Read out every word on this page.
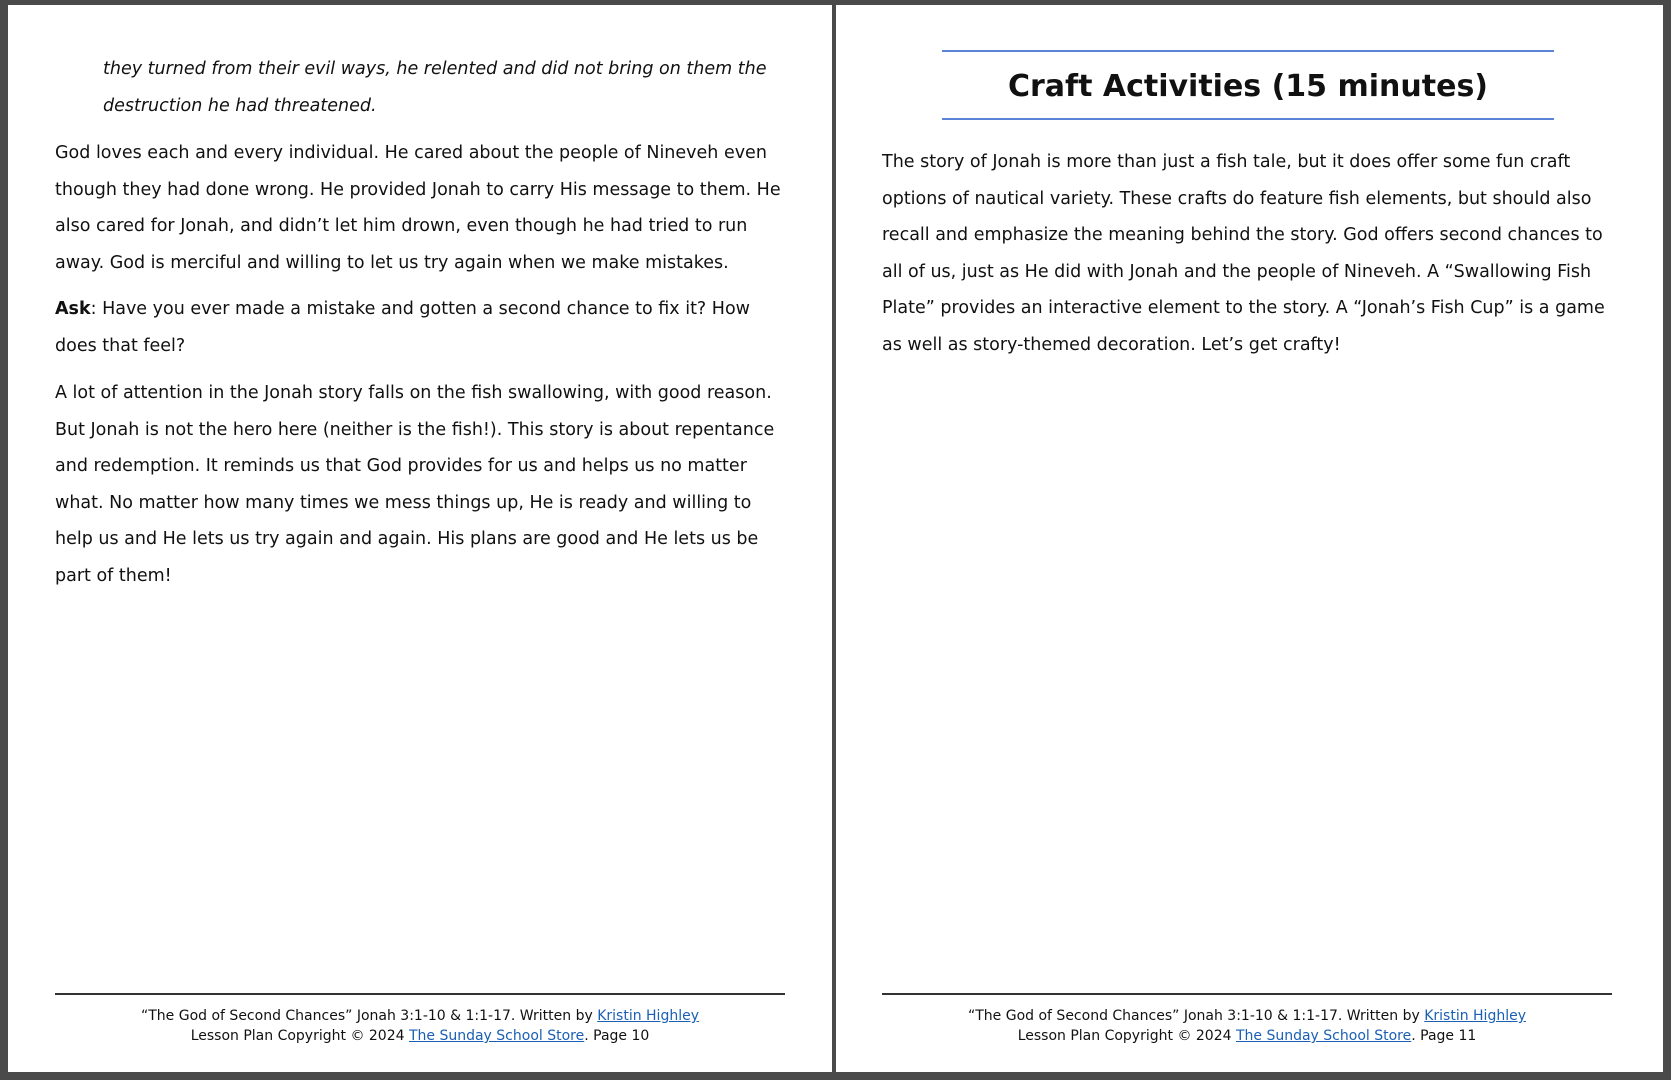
they turned from their evil ways, he relented and did not bring on them the

destruction he had threatened.

God loves each and every individual. He cared about the people of Nineveh even though they had done wrong. He provided Jonah to carry His message to them. He also cared for Jonah, and didn’t let him drown, even though he had tried to run away. God is merciful and willing to let us try again when we make mistakes.

Ask: Have you ever made a mistake and gotten a second chance to fix it? How does that feel?

A lot of attention in the Jonah story falls on the fish swallowing, with good reason. But Jonah is not the hero here (neither is the fish!). This story is about repentance and redemption. It reminds us that God provides for us and helps us no matter what. No matter how many times we mess things up, He is ready and willing to help us and He lets us try again and again. His plans are good and He lets us be part of them!

“The God of Second Chances” Jonah 3:1-10 & 1:1-17. Written by Kristin Highley
Lesson Plan Copyright © 2024 The Sunday School Store. Page 10
Craft Activities (15 minutes)

The story of Jonah is more than just a fish tale, but it does offer some fun craft options of nautical variety. These crafts do feature fish elements, but should also recall and emphasize the meaning behind the story. God offers second chances to all of us, just as He did with Jonah and the people of Nineveh. A “Swallowing Fish Plate” provides an interactive element to the story. A “Jonah’s Fish Cup” is a game as well as story-themed decoration. Let’s get crafty!

“The God of Second Chances” Jonah 3:1-10 & 1:1-17. Written by Kristin Highley
Lesson Plan Copyright © 2024 The Sunday School Store. Page 11
